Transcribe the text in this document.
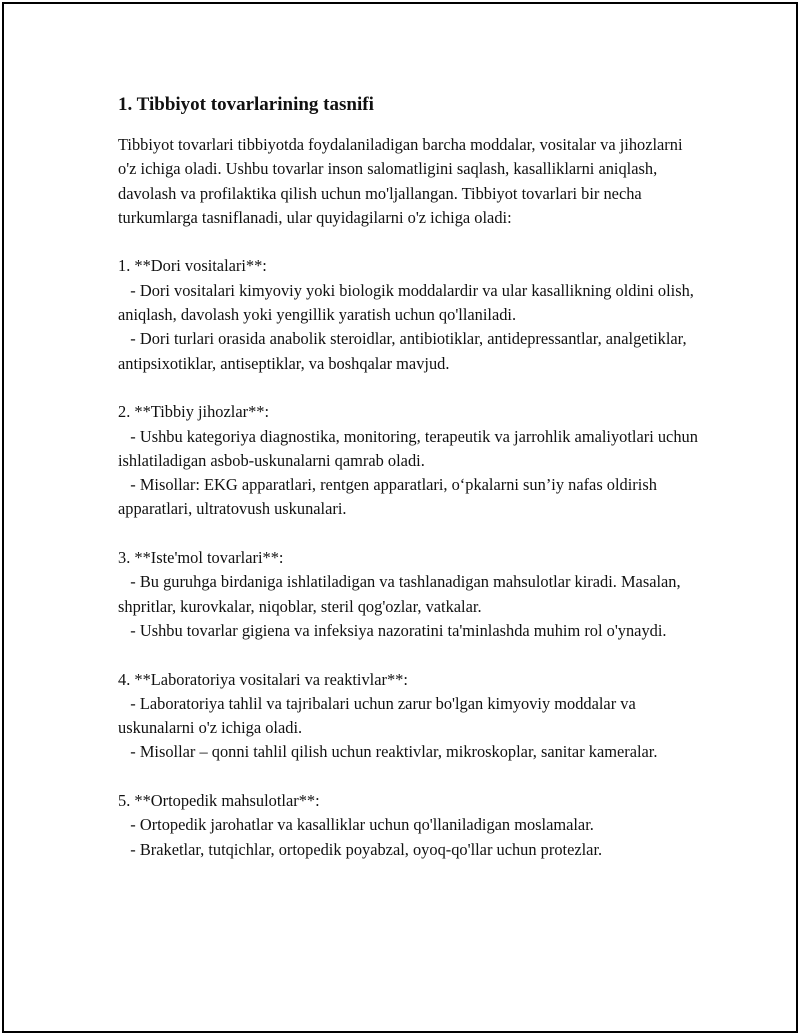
1. Tibbiyot tovarlarining tasnifi

Tibbiyot tovarlari tibbiyotda foydalaniladigan barcha moddalar, vositalar va jihozlarni o'z ichiga oladi. Ushbu tovarlar inson salomatligini saqlash, kasalliklarni aniqlash, davolash va profilaktika qilish uchun mo'ljallangan. Tibbiyot tovarlari bir necha turkumlarga tasniflanadi, ular quyidagilarni o'z ichiga oladi:

1. **Dori vositalari**:

- Dori vositalari kimyoviy yoki biologik moddalardir va ular kasallikning oldini olish, aniqlash, davolash yoki yengillik yaratish uchun qo'llaniladi.

- Dori turlari orasida anabolik steroidlar, antibiotiklar, antidepressantlar, analgetiklar, antipsixotiklar, antiseptiklar, va boshqalar mavjud.

2. **Tibbiy jihozlar**:

- Ushbu kategoriya diagnostika, monitoring, terapeutik va jarrohlik amaliyotlari uchun ishlatiladigan asbob-uskunalarni qamrab oladi.

- Misollar: EKG apparatlari, rentgen apparatlari, o‘pkalarni sun’iy nafas oldirish apparatlari, ultratovush uskunalari.

3. **Iste'mol tovarlari**:

- Bu guruhga birdaniga ishlatiladigan va tashlanadigan mahsulotlar kiradi. Masalan, shpritlar, kurovkalar, niqoblar, steril qog'ozlar, vatkalar.

- Ushbu tovarlar gigiena va infeksiya nazoratini ta'minlashda muhim rol o'ynaydi.

4. **Laboratoriya vositalari va reaktivlar**:

- Laboratoriya tahlil va tajribalari uchun zarur bo'lgan kimyoviy moddalar va uskunalarni o'z ichiga oladi.

- Misollar – qonni tahlil qilish uchun reaktivlar, mikroskoplar, sanitar kameralar.

5. **Ortopedik mahsulotlar**:

- Ortopedik jarohatlar va kasalliklar uchun qo'llaniladigan moslamalar.

- Braketlar, tutqichlar, ortopedik poyabzal, oyoq-qo'llar uchun protezlar.
